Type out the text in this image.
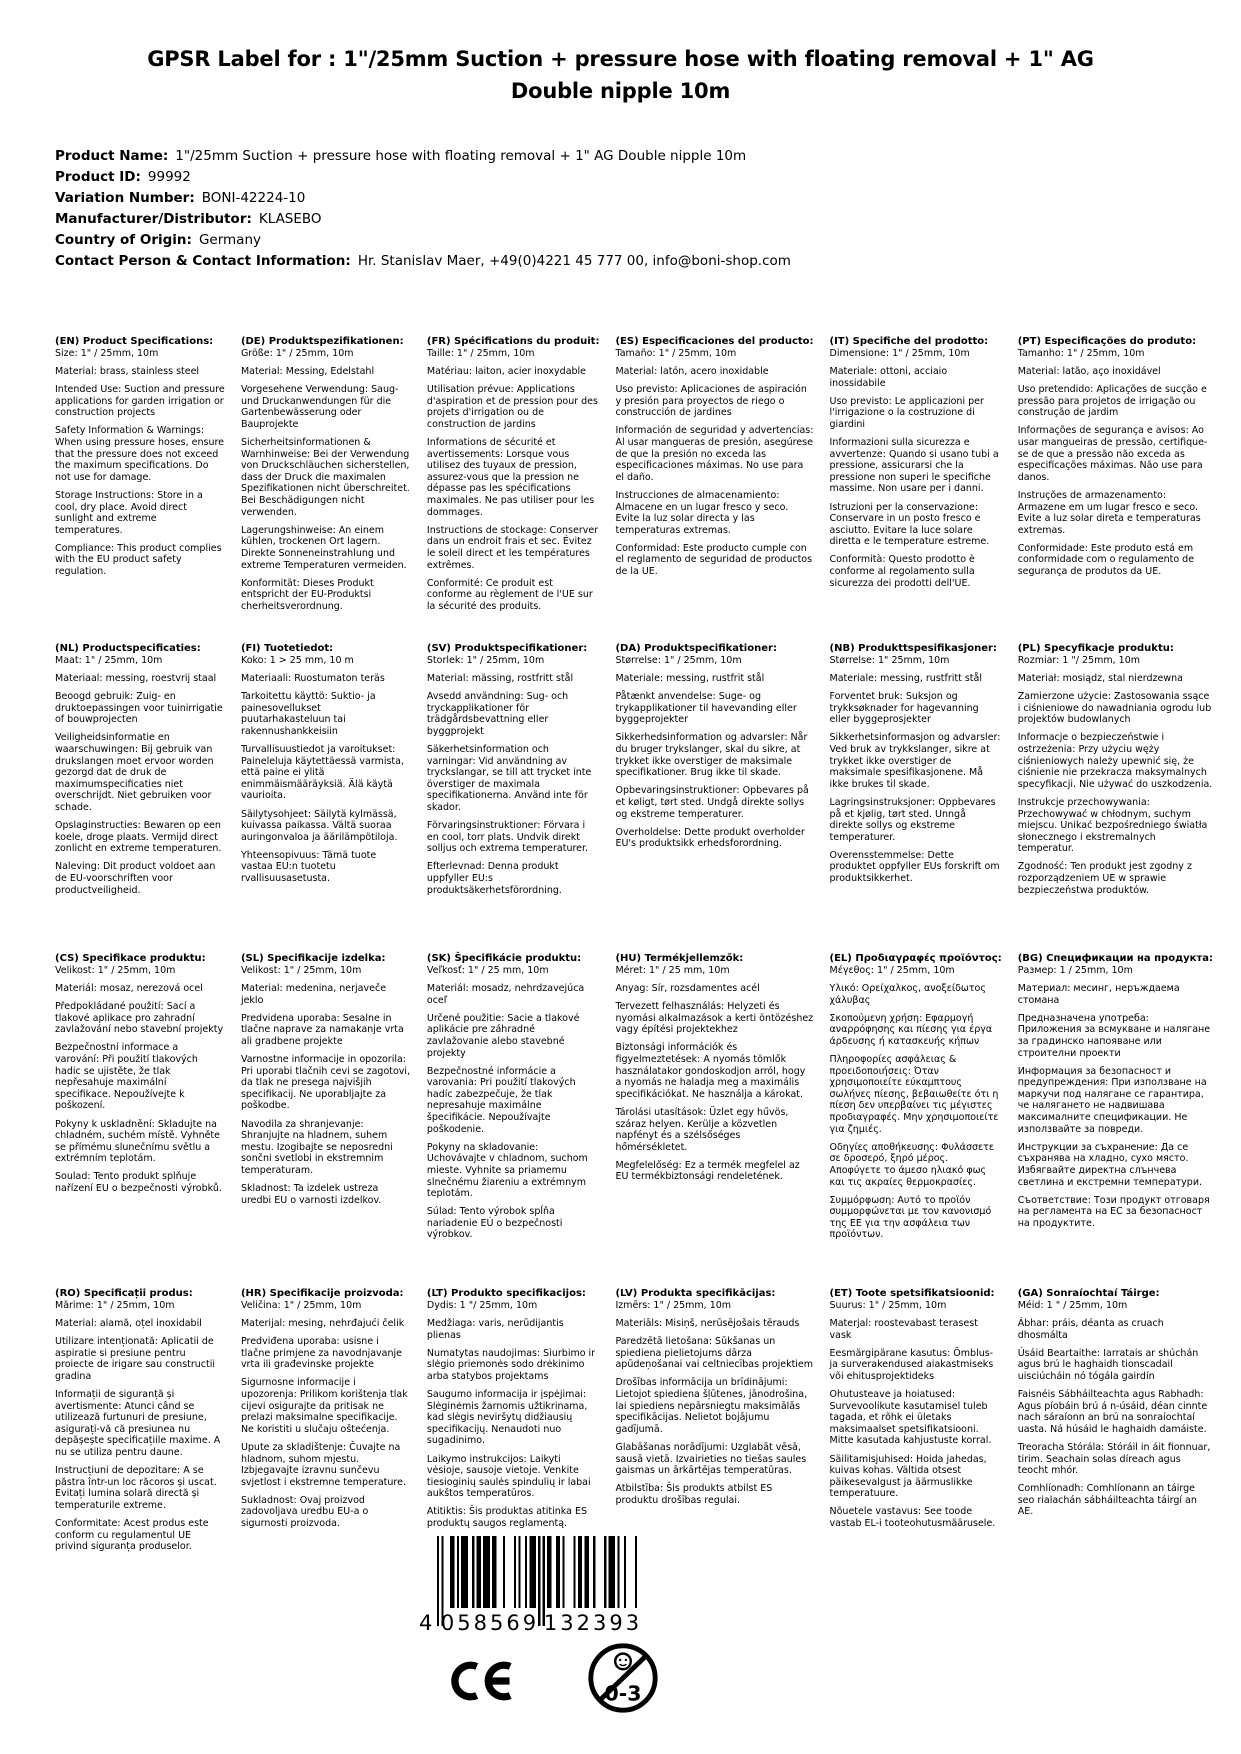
GPSR Label for : 1"/25mm Suction + pressure hose with floating removal + 1" AG Double nipple 10m
Product Name: 1"/25mm Suction + pressure hose with floating removal + 1" AG Double nipple 10m
Product ID: 99992
Variation Number: BONI-42224-10
Manufacturer/Distributor: KLASEBO
Country of Origin: Germany
Contact Person & Contact Information: Hr. Stanislav Maer, +49(0)4221 45 777 00, info@boni-shop.com
(EN) Product Specifications:

Size: 1" / 25mm, 10m

Material: brass, stainless steel

Intended Use: Suction and pressure applications for garden irrigation or construction projects

Safety Information & Warnings: When using pressure hoses, ensure that the pressure does not exceed the maximum specifications. Do not use for damage.

Storage Instructions: Store in a cool, dry place. Avoid direct sunlight and extreme temperatures.

Compliance: This product complies with the EU product safety regulation.

(DE) Produktspezifikationen:

Größe: 1" / 25mm, 10m

Material: Messing, Edelstahl

Vorgesehene Verwendung: Saug- und Druckanwendungen für die Gartenbewässerung oder Bauprojekte

Sicherheitsinformationen & Warnhinweise: Bei der Verwendung von Druckschläuchen sicherstellen, dass der Druck die maximalen Spezifikationen nicht überschreitet. Bei Beschädigungen nicht verwenden.

Lagerungshinweise: An einem kühlen, trockenen Ort lagern. Direkte Sonneneinstrahlung und extreme Temperaturen vermeiden.

Konformität: Dieses Produkt entspricht der EU-Produktsi cherheitsverordnung.

(FR) Spécifications du produit:

Taille: 1" / 25mm, 10m

Matériau: laiton, acier inoxydable

Utilisation prévue: Applications d'aspiration et de pression pour des projets d'irrigation ou de construction de jardins

Informations de sécurité et avertissements: Lorsque vous utilisez des tuyaux de pression, assurez-vous que la pression ne dépasse pas les spécifications maximales. Ne pas utiliser pour les dommages.

Instructions de stockage: Conserver dans un endroit frais et sec. Évitez le soleil direct et les températures extrêmes.

Conformité: Ce produit est conforme au règlement de l'UE sur la sécurité des produits.

(ES) Especificaciones del producto:

Tamaño: 1" / 25mm, 10m

Material: latón, acero inoxidable

Uso previsto: Aplicaciones de aspiración y presión para proyectos de riego o construcción de jardines

Información de seguridad y advertencias: Al usar mangueras de presión, asegúrese de que la presión no exceda las especificaciones máximas. No use para el daño.

Instrucciones de almacenamiento: Almacene en un lugar fresco y seco. Evite la luz solar directa y las temperaturas extremas.

Conformidad: Este producto cumple con el reglamento de seguridad de productos de la UE.

(IT) Specifiche del prodotto:

Dimensione: 1" / 25mm, 10m

Materiale: ottoni, acciaio inossidabile

Uso previsto: Le applicazioni per l'irrigazione o la costruzione di giardini

Informazioni sulla sicurezza e avvertenze: Quando si usano tubi a pressione, assicurarsi che la pressione non superi le specifiche massime. Non usare per i danni.

Istruzioni per la conservazione: Conservare in un posto fresco e asciutto. Evitare la luce solare diretta e le temperature estreme.

Conformità: Questo prodotto è conforme al regolamento sulla sicurezza dei prodotti dell'UE.

(PT) Especificações do produto:

Tamanho: 1" / 25mm, 10m

Material: latão, aço inoxidável

Uso pretendido: Aplicações de sucção e pressão para projetos de irrigação ou construção de jardim

Informações de segurança e avisos: Ao usar mangueiras de pressão, certifique-se de que a pressão não exceda as especificações máximas. Não use para danos.

Instruções de armazenamento: Armazene em um lugar fresco e seco. Evite a luz solar direta e temperaturas extremas.

Conformidade: Este produto está em conformidade com o regulamento de segurança de produtos da UE.

(NL) Productspecificaties:

Maat: 1" / 25mm, 10m

Materiaal: messing, roestvrij staal

Beoogd gebruik: Zuig- en druktoepassingen voor tuinirrigatie of bouwprojecten

Veiligheidsinformatie en waarschuwingen: Bij gebruik van drukslangen moet ervoor worden gezorgd dat de druk de maximumspecificaties niet overschrijdt. Niet gebruiken voor schade.

Opslaginstructies: Bewaren op een koele, droge plaats. Vermijd direct zonlicht en extreme temperaturen.

Naleving: Dit product voldoet aan de EU-voorschriften voor productveiligheid.

(FI) Tuotetiedot:

Koko: 1 > 25 mm, 10 m

Materiaali: Ruostumaton teräs

Tarkoitettu käyttö: Suktio- ja painesovellukset puutarhakasteluun tai rakennushankkeisiin

Turvallisuustiedot ja varoitukset: Paineleluja käytettäessä varmista, että paine ei ylitä enimmäismääräyksiä. Älä käytä vaurioita.

Säilytysohjeet: Säilytä kylmässä, kuivassa paikassa. Vältä suoraa auringonvaloa ja äärilämpötiloja.

Yhteensopivuus: Tämä tuote vastaa EU:n tuotetu rvallisuusasetusta.

(SV) Produktspecifikationer:

Storlek: 1" / 25mm, 10m

Material: mässing, rostfritt stål

Avsedd användning: Sug- och tryckapplikationer för trädgårdsbevattning eller byggprojekt

Säkerhetsinformation och varningar: Vid användning av tryckslangar, se till att trycket inte överstiger de maximala specifikationerna. Använd inte för skador.

Förvaringsinstruktioner: Förvara i en cool, torr plats. Undvik direkt solljus och extrema temperaturer.

Efterlevnad: Denna produkt uppfyller EU:s produktsäkerhetsförordning.

(DA) Produktspecifikationer:

Størrelse: 1" / 25mm, 10m

Materiale: messing, rustfrit stål

Påtænkt anvendelse: Suge- og trykapplikationer til havevanding eller byggeprojekter

Sikkerhedsinformation og advarsler: Når du bruger trykslanger, skal du sikre, at trykket ikke overstiger de maksimale specifikationer. Brug ikke til skade.

Opbevaringsinstruktioner: Opbevares på et køligt, tørt sted. Undgå direkte sollys og ekstreme temperaturer.

Overholdelse: Dette produkt overholder EU's produktsikk erhedsforordning.

(NB) Produkttspesifikasjoner:

Størrelse: 1" 25mm, 10m

Materiale: messing, rustfritt stål

Forventet bruk: Suksjon og trykksøknader for hagevanning eller byggeprosjekter

Sikkerhetsinformasjon og advarsler: Ved bruk av trykkslanger, sikre at trykket ikke overstiger de maksimale spesifikasjonene. Må ikke brukes til skade.

Lagringsinstruksjoner: Oppbevares på et kjølig, tørt sted. Unngå direkte sollys og ekstreme temperaturer.

Overensstemmelse: Dette produktet oppfyller EUs forskrift om produktsikkerhet.

(PL) Specyfikacje produktu:

Rozmiar: 1 "/ 25mm, 10m

Materiał: mosiądz, stal nierdzewna

Zamierzone użycie: Zastosowania ssące i ciśnieniowe do nawadniania ogrodu lub projektów budowlanych

Informacje o bezpieczeństwie i ostrzeżenia: Przy użyciu węży ciśnieniowych należy upewnić się, że ciśnienie nie przekracza maksymalnych specyfikacji. Nie używać do uszkodzenia.

Instrukcje przechowywania: Przechowywać w chłodnym, suchym miejscu. Unikać bezpośredniego światła słonecznego i ekstremalnych temperatur.

Zgodność: Ten produkt jest zgodny z rozporządzeniem UE w sprawie bezpieczeństwa produktów.

(CS) Specifikace produktu:

Velikost: 1" / 25mm, 10m

Materiál: mosaz, nerezová ocel

Předpokládané použití: Sací a tlakové aplikace pro zahradní zavlažování nebo stavební projekty

Bezpečnostní informace a varování: Při použití tlakových hadic se ujistěte, že tlak nepřesahuje maximální specifikace. Nepoužívejte k poškození.

Pokyny k uskladnění: Skladujte na chladném, suchém místě. Vyhněte se přímému slunečnímu světlu a extrémním teplotám.

Soulad: Tento produkt splňuje nařízení EU o bezpečnosti výrobků.

(SL) Specifikacije izdelka:

Velikost: 1" / 25mm, 10m

Material: medenina, nerjaveče jeklo

Predvidena uporaba: Sesalne in tlačne naprave za namakanje vrta ali gradbene projekte

Varnostne informacije in opozorila: Pri uporabi tlačnih cevi se zagotovi, da tlak ne presega najvišjih specifikacij. Ne uporabljajte za poškodbe.

Navodila za shranjevanje: Shranjujte na hladnem, suhem mestu. Izogibajte se neposredni sončni svetlobi in ekstremnim temperaturam.

Skladnost: Ta izdelek ustreza uredbi EU o varnosti izdelkov.

(SK) Špecifikácie produktu:

Veľkosť: 1" / 25 mm, 10m

Materiál: mosadz, nehrdzavejúca oceľ

Určené použitie: Sacie a tlakové aplikácie pre záhradné zavlažovanie alebo stavebné projekty

Bezpečnostné informácie a varovania: Pri použití tlakových hadíc zabezpečuje, že tlak nepresahuje maximálne špecifikácie. Nepoužívajte poškodenie.

Pokyny na skladovanie: Uchovávajte v chladnom, suchom mieste. Vyhnite sa priamemu slnečnému žiareniu a extrémnym teplotám.

Súlad: Tento výrobok spĺňa nariadenie EÚ o bezpečnosti výrobkov.

(HU) Termékjellemzők:

Méret: 1" / 25 mm, 10m

Anyag: Sír, rozsdamentes acél

Tervezett felhasználás: Helyzeti és nyomási alkalmazások a kerti öntözéshez vagy építési projektekhez

Biztonsági információk és figyelmeztetések: A nyomás tömlők használatakor gondoskodjon arról, hogy a nyomás ne haladja meg a maximális specifikációkat. Ne használja a károkat.

Tárolási utasítások: Üzlet egy hűvös, száraz helyen. Kerülje a közvetlen napfényt és a szélsőséges hőmérsékletet.

Megfelelőség: Ez a termék megfelel az EU termékbiztonsági rendeletének.

(EL) Προδιαγραφές προϊόντος:

Μέγεθος: 1" / 25mm, 10m

Υλικό: Ορείχαλκος, ανοξείδωτος χάλυβας

Σκοπούμενη χρήση: Εφαρμογή αναρρόφησης και πίεσης για έργα άρδευσης ή κατασκευής κήπων

Πληροφορίες ασφάλειας & προειδοποιήσεις: Όταν χρησιμοποιείτε εύκαμπτους σωλήνες πίεσης, βεβαιωθείτε ότι η πίεση δεν υπερβαίνει τις μέγιστες προδιαγραφές. Μην χρησιμοποιείτε για ζημιές.

Οδηγίες αποθήκευσης: Φυλάσσετε σε δροσερό, ξηρό μέρος. Αποφύγετε το άμεσο ηλιακό φως και τις ακραίες θερμοκρασίες.

Συμμόρφωση: Αυτό το προϊόν συμμορφώνεται με τον κανονισμό της ΕΕ για την ασφάλεια των προϊόντων.

(BG) Спецификации на продукта:

Размер: 1 / 25mm, 10m

Материал: месинг, неръждаема стомана

Предназначена употреба: Приложения за всмукване и налягане за градинско напояване или строителни проекти

Информация за безопасност и предупреждения: При използване на маркучи под налягане се гарантира, че налягането не надвишава максималните спецификации. Не използвайте за повреди.

Инструкции за съхранение: Да се съхранява на хладно, сухо място. Избягвайте директна слънчева светлина и екстремни температури.

Съответствие: Този продукт отговаря на регламента на ЕС за безопасност на продуктите.

(RO) Specificații produs:

Mărime: 1" / 25mm, 10m

Material: alamă, oțel inoxidabil

Utilizare intenționată: Aplicatii de aspiratie si presiune pentru proiecte de irigare sau constructii gradina

Informații de siguranță și avertismente: Atunci când se utilizează furtunuri de presiune, asigurați-vă că presiunea nu depășește specificațiile maxime. A nu se utiliza pentru daune.

Instrucțiuni de depozitare: A se păstra într-un loc răcoros și uscat. Evitați lumina solară directă și temperaturile extreme.

Conformitate: Acest produs este conform cu regulamentul UE privind siguranța produselor.

(HR) Specifikacije proizvoda:

Veličina: 1" / 25mm, 10m

Materijal: mesing, nehrđajući čelik

Predviđena uporaba: usisne i tlačne primjene za navodnjavanje vrta ili građevinske projekte

Sigurnosne informacije i upozorenja: Prilikom korištenja tlak cijevi osigurajte da pritisak ne prelazi maksimalne specifikacije. Ne koristiti u slučaju oštećenja.

Upute za skladištenje: Čuvajte na hladnom, suhom mjestu. Izbjegavajte izravnu sunčevu svjetlost i ekstremne temperature.

Sukladnost: Ovaj proizvod zadovoljava uredbu EU-a o sigurnosti proizvoda.

(LT) Produkto specifikacijos:

Dydis: 1 "/ 25mm, 10m

Medžiaga: varis, nerūdijantis plienas

Numatytas naudojimas: Siurbimo ir slėgio priemonės sodo drėkinimo arba statybos projektams

Saugumo informacija ir įspėjimai: Slėginėmis žarnomis užtikrinama, kad slėgis neviršytų didžiausių specifikacijų. Nenaudoti nuo sugadinimo.

Laikymo instrukcijos: Laikyti vėsioje, sausoje vietoje. Venkite tiesioginių saulės spindulių ir labai aukštos temperatūros.

Atitiktis: Šis produktas atitinka ES produktų saugos reglamentą.

(LV) Produkta specifikācijas:

Izmērs: 1" / 25mm, 10m

Materiāls: Misiņš, nerūsējošais tērauds

Paredzētā lietošana: Sūkšanas un spiediena pielietojums dārza apūdeņošanai vai celtniecības projektiem

Drošības informācija un brīdinājumi: Lietojot spiediena šļūtenes, jānodrošina, lai spiediens nepārsniegtu maksimālās specifikācijas. Nelietot bojājumu gadījumā.

Glabāšanas norādījumi: Uzglabāt vēsā, sausā vietā. Izvairieties no tiešas saules gaismas un ārkārtējas temperatūras.

Atbilstība: Šis produkts atbilst ES produktu drošības regulai.

(ET) Toote spetsifikatsioonid:

Suurus: 1" / 25mm, 10m

Materjal: roostevabast terasest vask

Eesmärgipärane kasutus: Õmblus- ja surverakendused aiakastmiseks või ehitusprojektideks

Ohutusteave ja hoiatused: Survevoolikute kasutamisel tuleb tagada, et rõhk ei ületaks maksimaalset spetsifikatsiooni. Mitte kasutada kahjustuste korral.

Säilitamisjuhised: Hoida jahedas, kuivas kohas. Vältida otsest päikesevalgust ja äärmuslikke temperatuure.

Nõuetele vastavus: See toode vastab EL-i tooteohutusmäärusele.

(GA) Sonraíochtaí Táirge:

Méid: 1 " / 25mm, 10m

Ábhar: práis, déanta as cruach dhosmálta

Úsáid Beartaithe: Iarratais ar shúchán agus brú le haghaidh tionscadail uisciúcháin nó tógála gairdín

Faisnéis Sábháilteachta agus Rabhadh: Agus píobáin brú á n-úsáid, déan cinnte nach sáraíonn an brú na sonraíochtaí uasta. Ná húsáid le haghaidh damáiste.

Treoracha Stórála: Stóráil in áit fionnuar, tirim. Seachain solas díreach agus teocht mhór.

Comhlíonadh: Comhlíonann an táirge seo rialachán sábháilteachta táirgí an AE.

4 058569 132393
0-3
